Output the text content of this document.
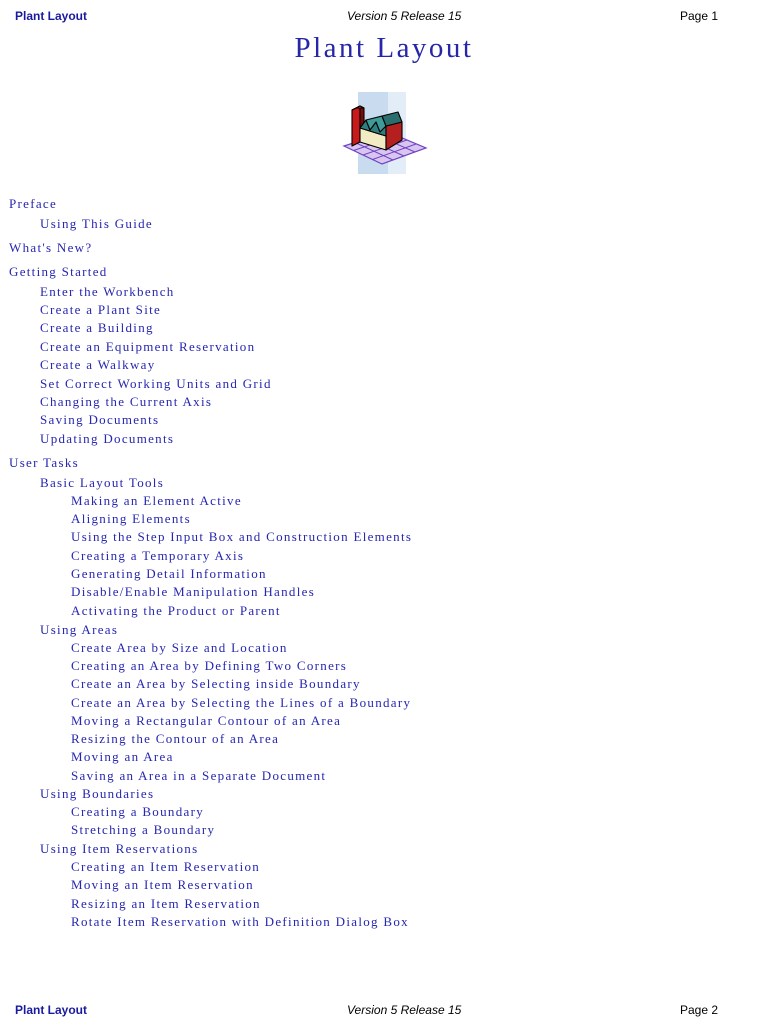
Plant Layout	Version 5 Release 15	Page 1
Plant Layout
Preface
Using This Guide
What's New?
Getting Started
Enter the Workbench
Create a Plant Site
Create a Building
Create an Equipment Reservation
Create a Walkway
Set Correct Working Units and Grid
Changing the Current Axis
Saving Documents
Updating Documents
User Tasks
Basic Layout Tools
Making an Element Active
Aligning Elements
Using the Step Input Box and Construction Elements
Creating a Temporary Axis
Generating Detail Information
Disable/Enable Manipulation Handles
Activating the Product or Parent
Using Areas
Create Area by Size and Location
Creating an Area by Defining Two Corners
Create an Area by Selecting inside Boundary
Create an Area by Selecting the Lines of a Boundary
Moving a Rectangular Contour of an Area
Resizing the Contour of an Area
Moving an Area
Saving an Area in a Separate Document
Using Boundaries
Creating a Boundary
Stretching a Boundary
Using Item Reservations
Creating an Item Reservation
Moving an Item Reservation
Resizing an Item Reservation
Rotate Item Reservation with Definition Dialog Box
Plant Layout	Version 5 Release 15	Page 2
